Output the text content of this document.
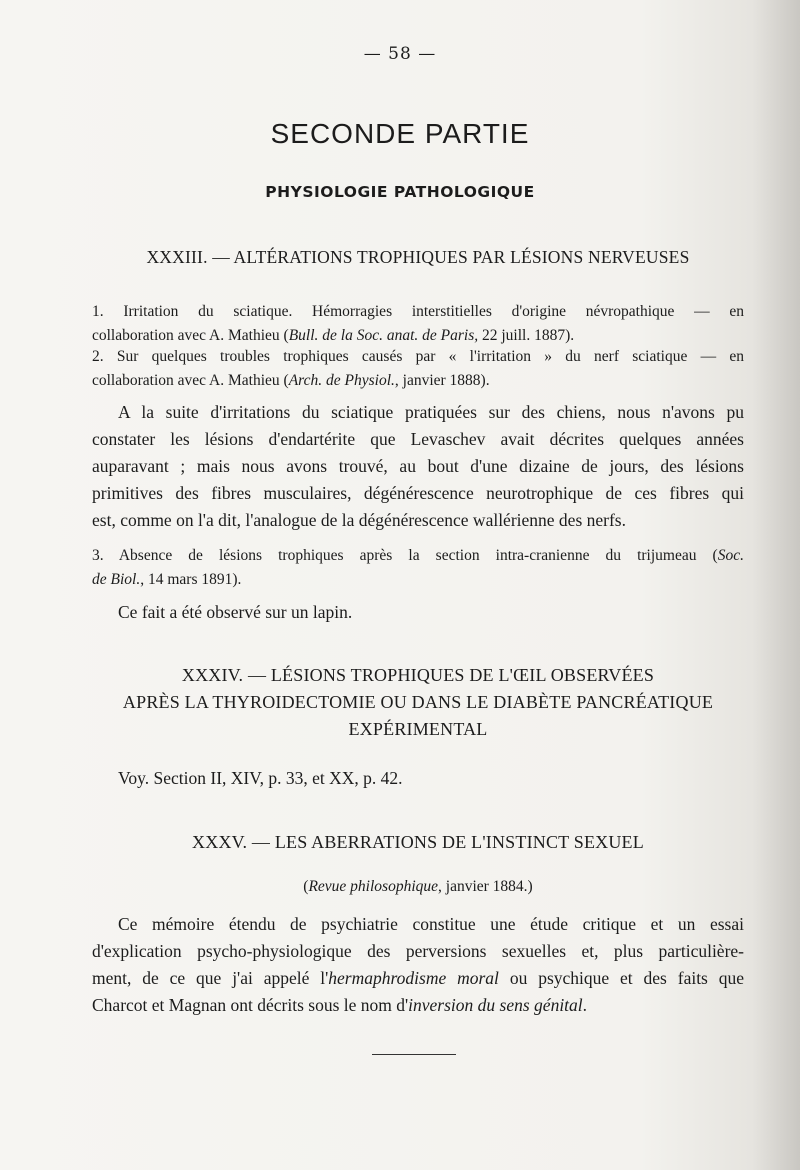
— 58 —
SECONDE PARTIE
PHYSIOLOGIE PATHOLOGIQUE
XXXIII. — ALTÉRATIONS TROPHIQUES PAR LÉSIONS NERVEUSES
1. Irritation du sciatique. Hémorragies interstitielles d'origine névropathique — en
collaboration avec A. Mathieu (Bull. de la Soc. anat. de Paris, 22 juill. 1887).
2. Sur quelques troubles trophiques causés par « l'irritation » du nerf sciatique — en
collaboration avec A. Mathieu (Arch. de Physiol., janvier 1888).
A la suite d'irritations du sciatique pratiquées sur des chiens, nous n'avons pu
constater les lésions d'endartérite que Levaschev avait décrites quelques années
auparavant ; mais nous avons trouvé, au bout d'une dizaine de jours, des lésions
primitives des fibres musculaires, dégénérescence neurotrophique de ces fibres qui
est, comme on l'a dit, l'analogue de la dégénérescence wallérienne des nerfs.
3. Absence de lésions trophiques après la section intra-cranienne du trijumeau (Soc.
de Biol., 14 mars 1891).
Ce fait a été observé sur un lapin.
XXXIV. — LÉSIONS TROPHIQUES DE L'ŒIL OBSERVÉES
APRÈS LA THYROIDECTOMIE OU DANS LE DIABÈTE PANCRÉATIQUE
EXPÉRIMENTAL
Voy. Section II, XIV, p. 33, et XX, p. 42.
XXXV. — LES ABERRATIONS DE L'INSTINCT SEXUEL
(Revue philosophique, janvier 1884.)
Ce mémoire étendu de psychiatrie constitue une étude critique et un essai
d'explication psycho-physiologique des perversions sexuelles et, plus particulière-
ment, de ce que j'ai appelé l'hermaphrodisme moral ou psychique et des faits que
Charcot et Magnan ont décrits sous le nom d'inversion du sens génital.
